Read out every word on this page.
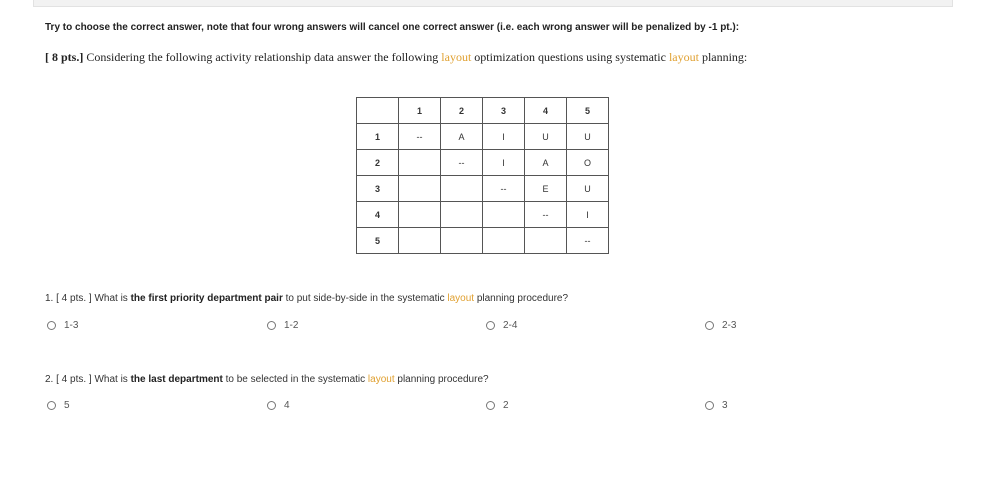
Try to choose the correct answer, note that four wrong answers will cancel one correct answer (i.e. each wrong answer will be penalized by -1 pt.):
[ 8 pts.] Considering the following activity relationship data answer the following layout optimization questions using systematic layout planning:
	1	2	3	4	5
1	--	A	I	U	U
2		--	I	A	O
3			--	E	U
4				--	I
5					--
1. [ 4 pts. ] What is the first priority department pair to put side-by-side in the systematic layout planning procedure?
1-3	1-2	2-4	2-3
2. [ 4 pts. ] What is the last department to be selected in the systematic layout planning procedure?
5	4	2	3
